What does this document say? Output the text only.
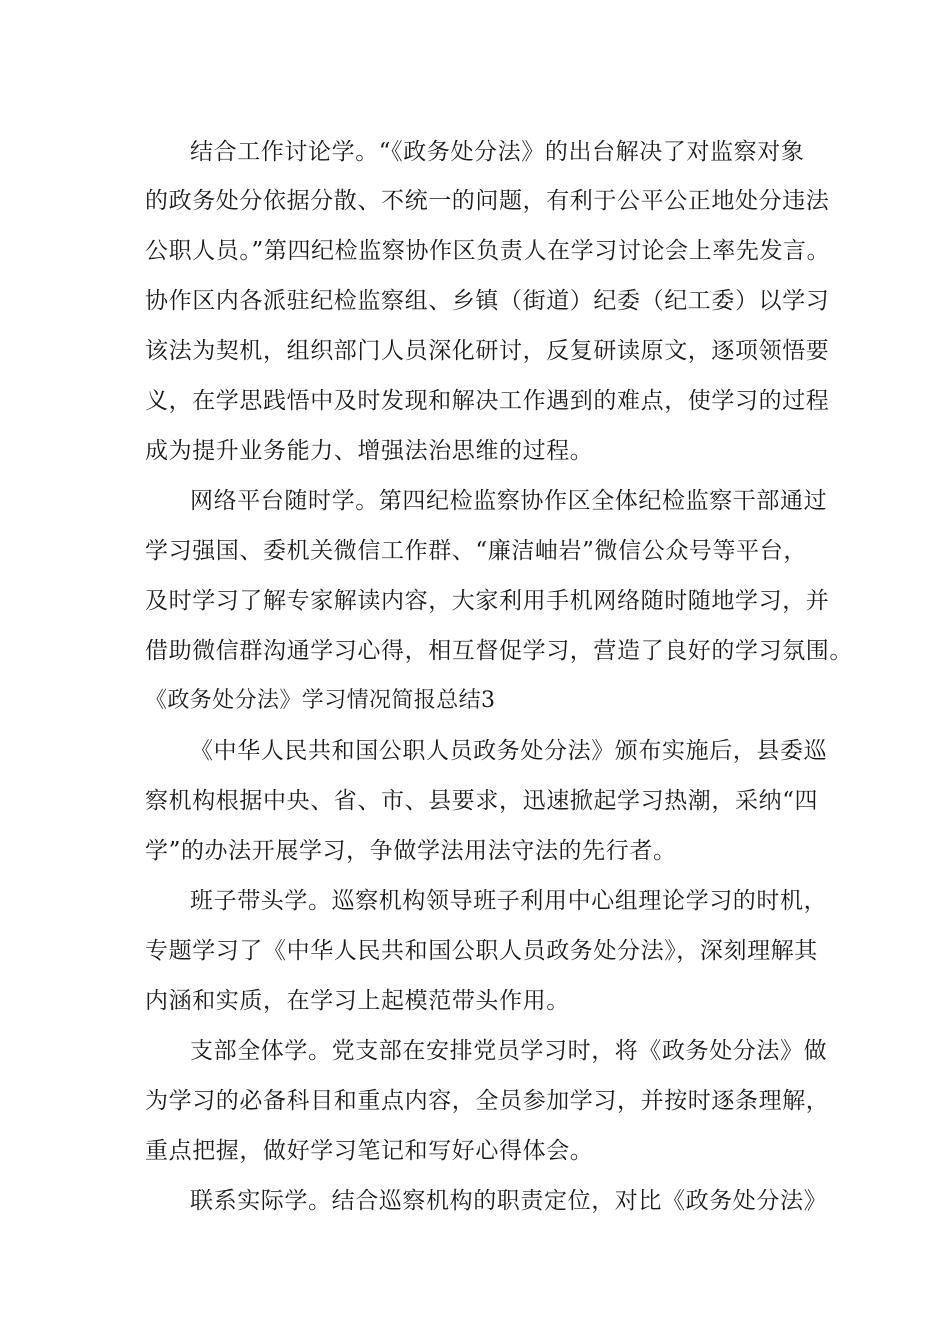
结合工作讨论学。“《政务处分法》的出台解决了对监察对象
的政务处分依据分散、不统一的问题，有利于公平公正地处分违法
公职人员。”第四纪检监察协作区负责人在学习讨论会上率先发言。
协作区内各派驻纪检监察组、乡镇（街道）纪委（纪工委）以学习
该法为契机，组织部门人员深化研讨，反复研读原文，逐项领悟要
义，在学思践悟中及时发现和解决工作遇到的难点，使学习的过程
成为提升业务能力、增强法治思维的过程。
网络平台随时学。第四纪检监察协作区全体纪检监察干部通过
学习强国、委机关微信工作群、“廉洁岫岩”微信公众号等平台，
及时学习了解专家解读内容，大家利用手机网络随时随地学习，并
借助微信群沟通学习心得，相互督促学习，营造了良好的学习氛围。
《政务处分法》学习情况简报总结3
《中华人民共和国公职人员政务处分法》颁布实施后，县委巡
察机构根据中央、省、市、县要求，迅速掀起学习热潮，采纳“四
学”的办法开展学习，争做学法用法守法的先行者。
班子带头学。巡察机构领导班子利用中心组理论学习的时机，
专题学习了《中华人民共和国公职人员政务处分法》，深刻理解其
内涵和实质，在学习上起模范带头作用。
支部全体学。党支部在安排党员学习时，将《政务处分法》做
为学习的必备科目和重点内容，全员参加学习，并按时逐条理解，
重点把握，做好学习笔记和写好心得体会。
联系实际学。结合巡察机构的职责定位，对比《政务处分法》
